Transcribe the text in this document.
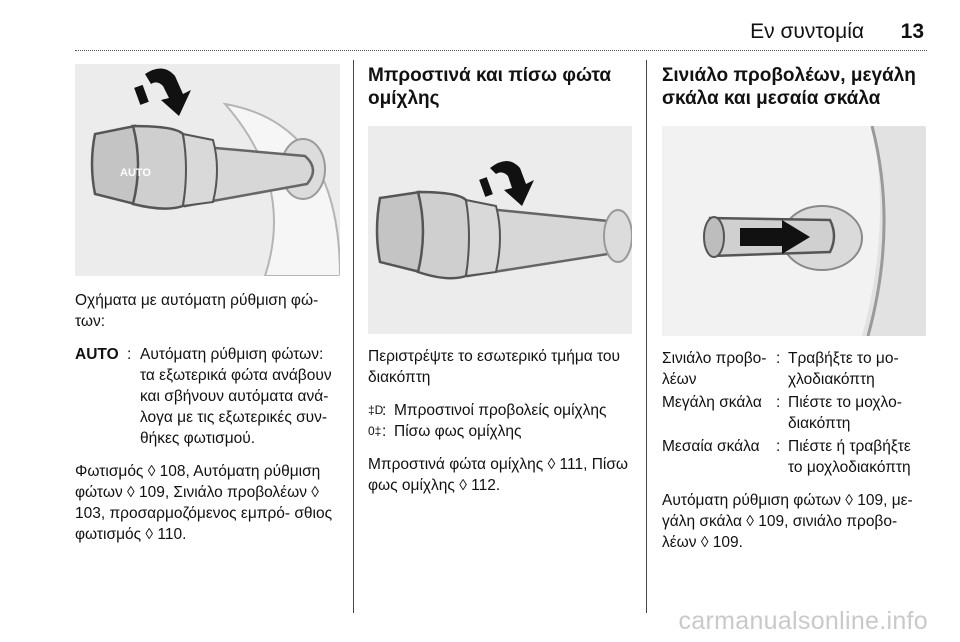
Εν συντομία 13
AUTO
Οχήματα με αυτόματη ρύθμιση φώ- των:
AUTO : Αυτόματη ρύθμιση φώτων: τα εξωτερικά φώτα ανάβουν και σβήνουν αυτόματα ανά- λογα με τις εξωτερικές συν- θήκες φωτισμού.
Φωτισμός ◊ 108, Αυτόματη ρύθμιση φώτων ◊ 109, Σινιάλο προβολέων ◊ 103, προσαρμοζόμενος εμπρό- σθιος φωτισμός ◊ 110.
Μπροστινά και πίσω φώτα ομίχλης
Περιστρέψτε το εσωτερικό τμήμα του διακόπτη
‡D
: Μπροστινοί προβολείς ομίχλης
0‡ : Πίσω φως ομίχλης
Μπροστινά φώτα ομίχλης ◊ 111, Πίσω φως ομίχλης ◊ 112.
Σινιάλο προβολέων, μεγάλη σκάλα και μεσαία σκάλα
Σινιάλο προβο- λέων
: Τραβήξτε το μο- χλοδιακόπτη
Μεγάλη σκάλα : Πιέστε το μοχλο- διακόπτη
Μεσαία σκάλα	: Πιέστε ή τραβήξτε το μοχλοδιακόπτη
Αυτόματη ρύθμιση φώτων ◊ 109, με- γάλη σκάλα ◊ 109, σινιάλο προβο- λέων ◊ 109.
carmanualsonline.info
